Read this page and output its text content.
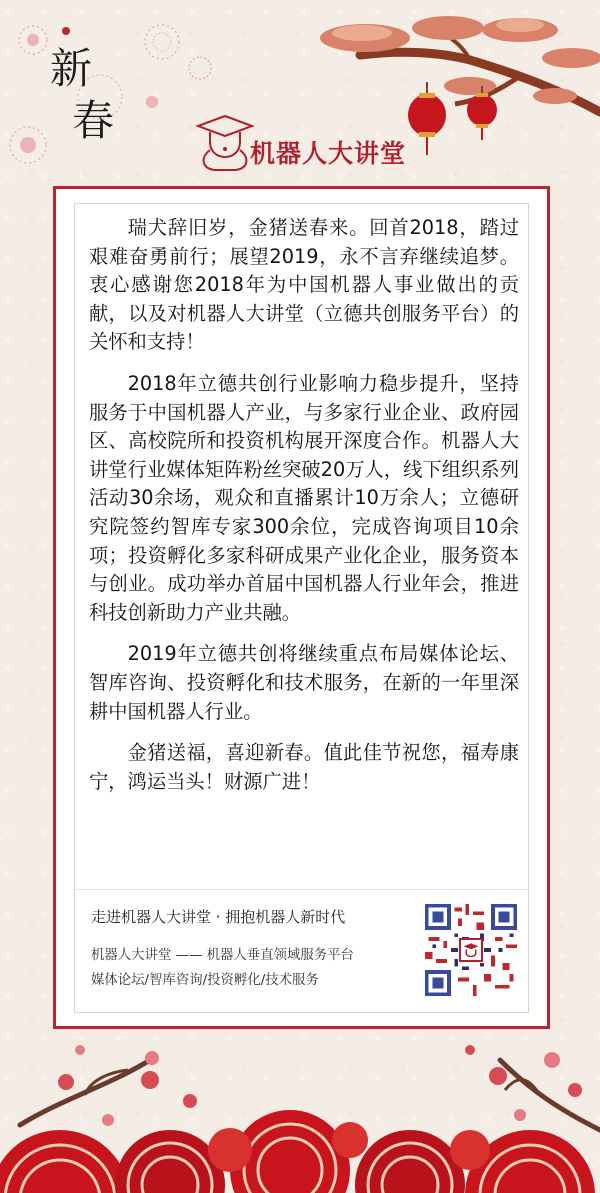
新
春
机器人大讲堂

瑞犬辞旧岁，金猪送春来。回首2018，踏过艰难奋勇前行；展望2019，永不言弃继续追梦。衷心感谢您2018年为中国机器人事业做出的贡献，以及对机器人大讲堂（立德共创服务平台）的关怀和支持！

2018年立德共创行业影响力稳步提升，坚持服务于中国机器人产业，与多家行业企业、政府园区、高校院所和投资机构展开深度合作。机器人大讲堂行业媒体矩阵粉丝突破20万人，线下组织系列活动30余场，观众和直播累计10万余人；立德研究院签约智库专家300余位，完成咨询项目10余项；投资孵化多家科研成果产业化企业，服务资本与创业。成功举办首届中国机器人行业年会，推进科技创新助力产业共融。

2019年立德共创将继续重点布局媒体论坛、智库咨询、投资孵化和技术服务，在新的一年里深耕中国机器人行业。

金猪送福，喜迎新春。值此佳节祝您，福寿康宁，鸿运当头！财源广进！

走进机器人大讲堂 · 拥抱机器人新时代
机器人大讲堂 —— 机器人垂直领域服务平台
媒体论坛/智库咨询/投资孵化/技术服务
